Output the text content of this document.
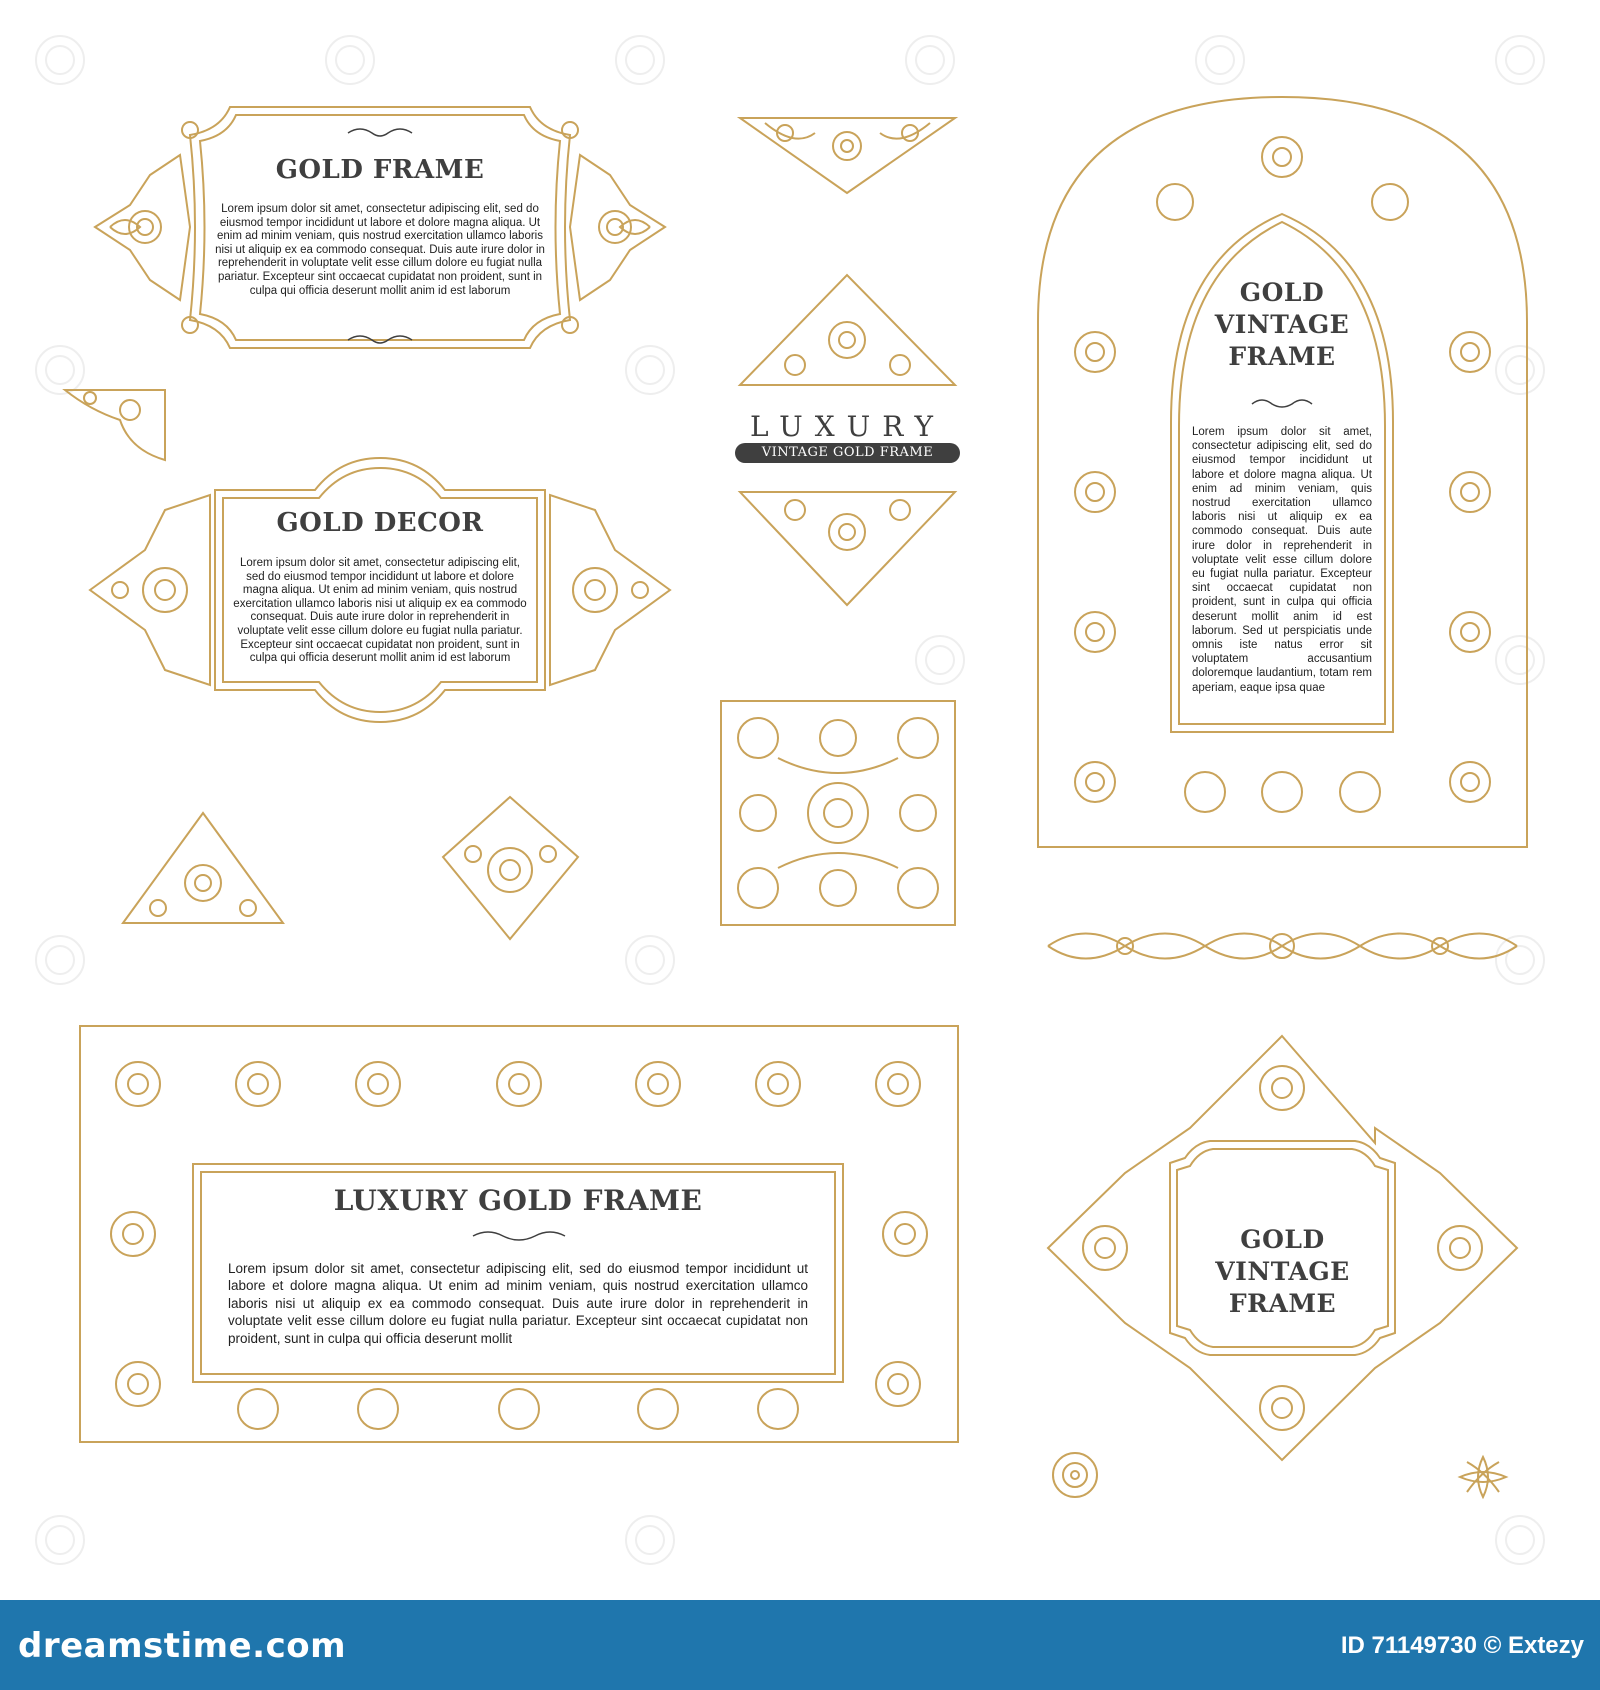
GOLD FRAME
Lorem ipsum dolor sit amet, consectetur adipiscing elit, sed do eiusmod tempor incididunt ut labore et dolore magna aliqua. Ut enim ad minim veniam, quis nostrud exercitation ullamco laboris nisi ut aliquip ex ea commodo consequat. Duis aute irure dolor in reprehenderit in voluptate velit esse cillum dolore eu fugiat nulla pariatur. Excepteur sint occaecat cupidatat non proident, sunt in culpa qui officia deserunt mollit anim id est laborum
LUXURY
VINTAGE GOLD FRAME
GOLD DECOR
Lorem ipsum dolor sit amet, consectetur adipiscing elit, sed do eiusmod tempor incididunt ut labore et dolore magna aliqua. Ut enim ad minim veniam, quis nostrud exercitation ullamco laboris nisi ut aliquip ex ea commodo consequat. Duis aute irure dolor in reprehenderit in voluptate velit esse cillum dolore eu fugiat nulla pariatur. Excepteur sint occaecat cupidatat non proident, sunt in culpa qui officia deserunt mollit anim id est laborum
GOLD
VINTAGE
FRAME
Lorem ipsum dolor sit amet, consectetur adipiscing elit, sed do eiusmod tempor incididunt ut labore et dolore magna aliqua. Ut enim ad minim veniam, quis nostrud exercitation ullamco laboris nisi ut aliquip ex ea commodo consequat. Duis aute irure dolor in reprehenderit in voluptate velit esse cillum dolore eu fugiat nulla pariatur. Excepteur sint occaecat cupidatat non proident, sunt in culpa qui officia deserunt mollit anim id est laborum. Sed ut perspiciatis unde omnis iste natus error sit voluptatem accusantium doloremque laudantium, totam rem aperiam, eaque ipsa quae
LUXURY GOLD FRAME
Lorem ipsum dolor sit amet, consectetur adipiscing elit, sed do eiusmod tempor incididunt ut labore et dolore magna aliqua. Ut enim ad minim veniam, quis nostrud exercitation ullamco laboris nisi ut aliquip ex ea commodo consequat. Duis aute irure dolor in reprehenderit in voluptate velit esse cillum dolore eu fugiat nulla pariatur. Excepteur sint occaecat cupidatat non proident, sunt in culpa qui officia deserunt mollit
GOLD
VINTAGE
FRAME
dreamstime.com	ID 71149730 © Extezy
